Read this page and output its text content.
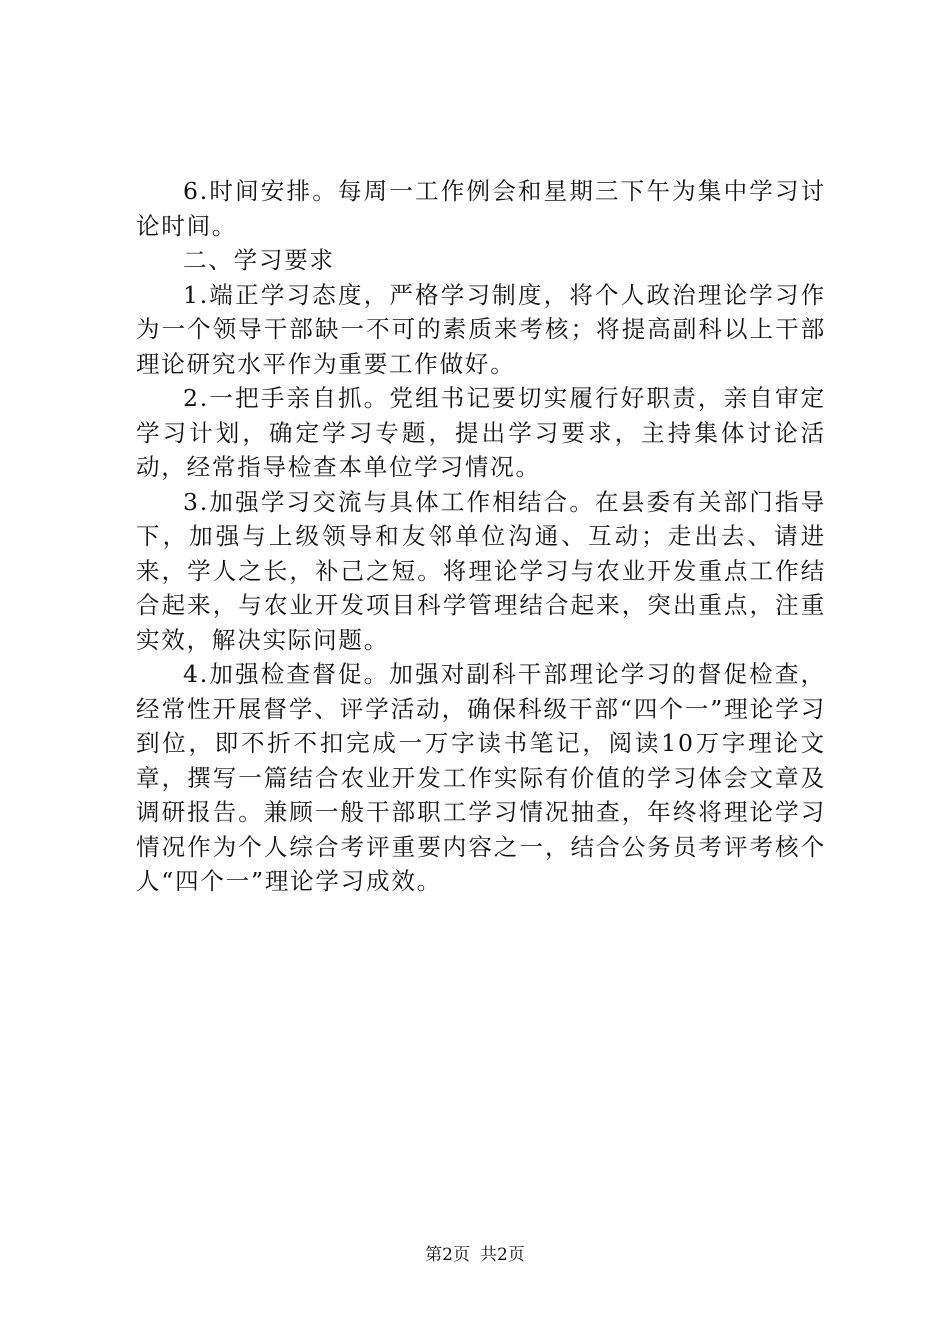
6.时间安排。每周一工作例会和星期三下午为集中学习讨论时间。

二、学习要求

1.端正学习态度，严格学习制度，将个人政治理论学习作为一个领导干部缺一不可的素质来考核；将提高副科以上干部理论研究水平作为重要工作做好。

2.一把手亲自抓。党组书记要切实履行好职责，亲自审定学习计划，确定学习专题，提出学习要求，主持集体讨论活动，经常指导检查本单位学习情况。

3.加强学习交流与具体工作相结合。在县委有关部门指导下，加强与上级领导和友邻单位沟通、互动；走出去、请进来，学人之长，补己之短。将理论学习与农业开发重点工作结合起来，与农业开发项目科学管理结合起来，突出重点，注重实效，解决实际问题。

4.加强检查督促。加强对副科干部理论学习的督促检查，经常性开展督学、评学活动，确保科级干部“四个一”理论学习到位，即不折不扣完成一万字读书笔记，阅读10万字理论文章，撰写一篇结合农业开发工作实际有价值的学习体会文章及调研报告。兼顾一般干部职工学习情况抽查，年终将理论学习情况作为个人综合考评重要内容之一，结合公务员考评考核个人“四个一”理论学习成效。

第2页 共2页
